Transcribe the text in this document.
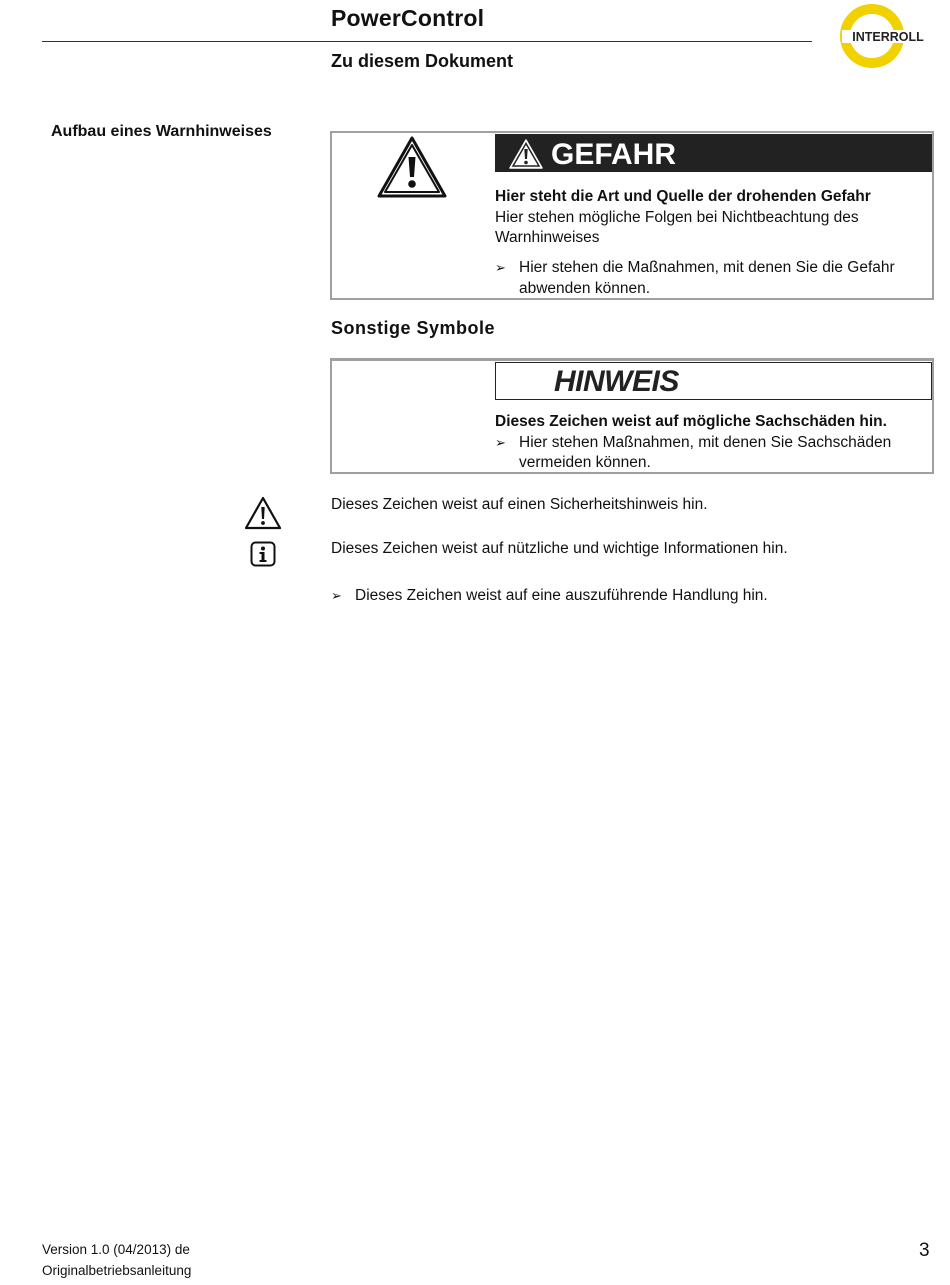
PowerControl
Zu diesem Dokument
INTERROLL
Aufbau eines Warnhinweises
GEFAHR
Hier steht die Art und Quelle der drohenden Gefahr
Hier stehen mögliche Folgen bei Nichtbeachtung des Warnhinweises
➢ Hier stehen die Maßnahmen, mit denen Sie die Gefahr abwenden können.
Sonstige Symbole
HINWEIS
Dieses Zeichen weist auf mögliche Sachschäden hin.
➢ Hier stehen Maßnahmen, mit denen Sie Sachschäden vermeiden können.
Dieses Zeichen weist auf einen Sicherheitshinweis hin.
Dieses Zeichen weist auf nützliche und wichtige Informationen hin.
➢ Dieses Zeichen weist auf eine auszuführende Handlung hin.
Version 1.0 (04/2013) de
Originalbetriebsanleitung
3
